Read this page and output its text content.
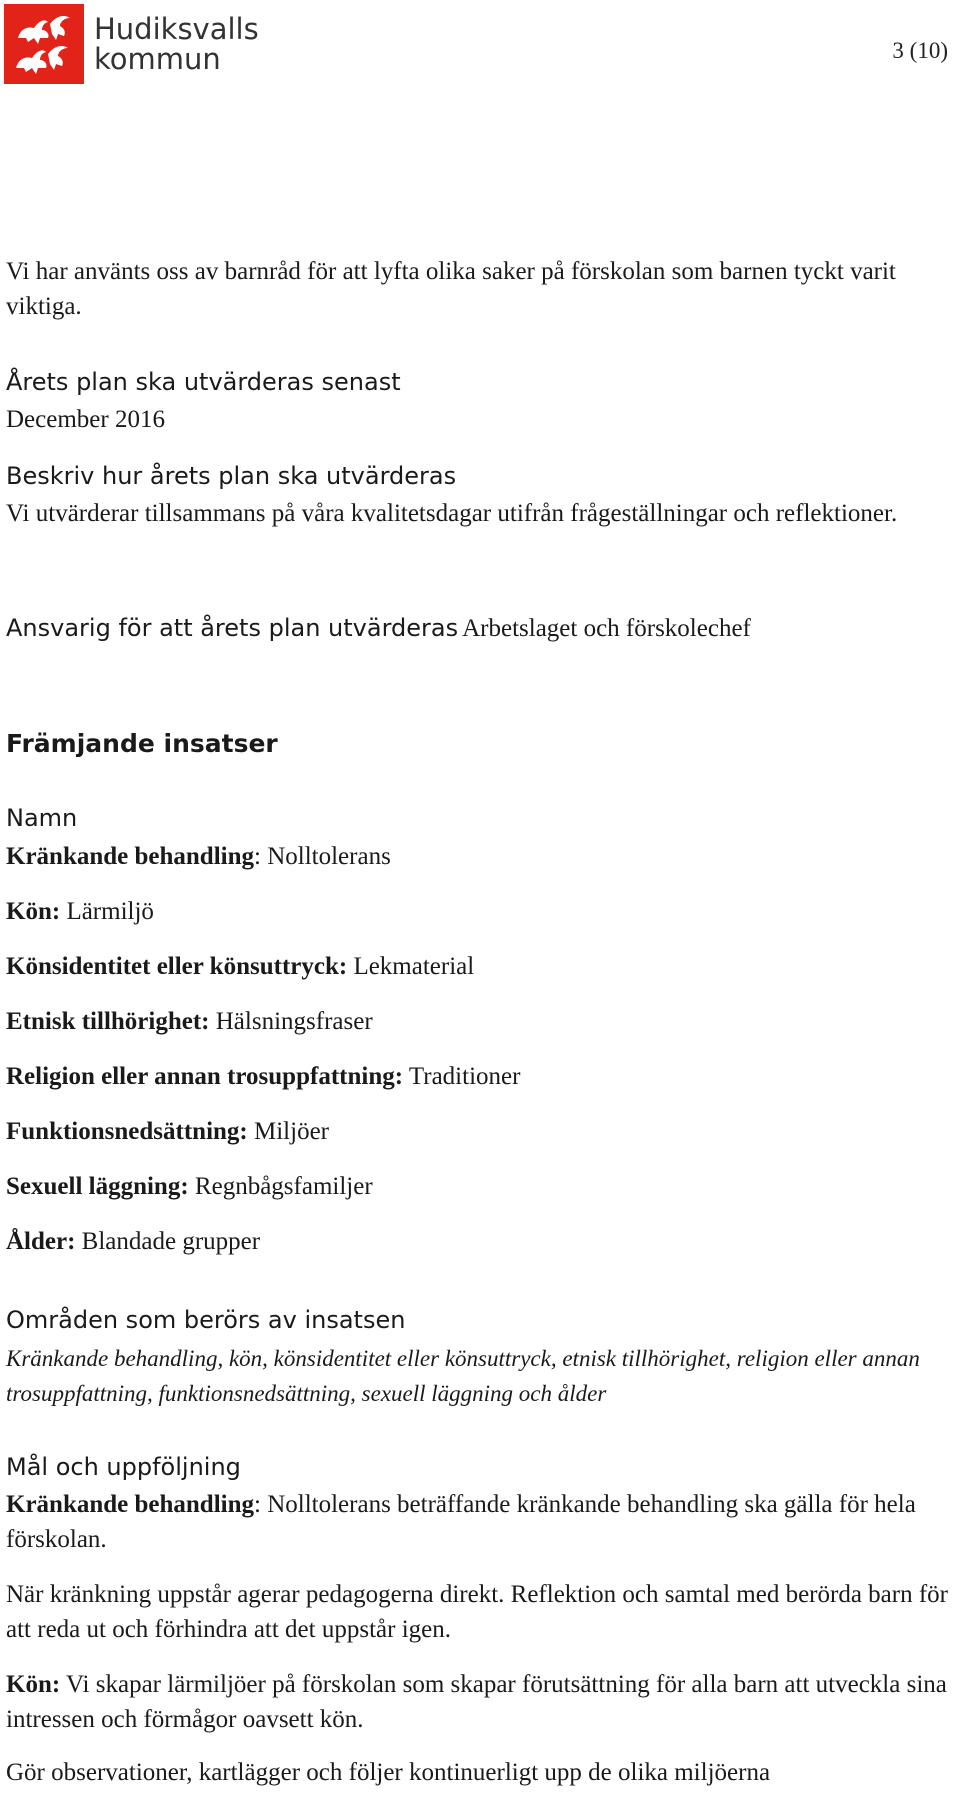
Hudiksvalls
kommun	3 (10)

Vi har använts oss av barnråd för att lyfta olika saker på förskolan som barnen tyckt varit viktiga.

Årets plan ska utvärderas senast
December 2016
Beskriv hur årets plan ska utvärderas

Vi utvärderar tillsammans på våra kvalitetsdagar utifrån frågeställningar och reflektioner.

Ansvarig för att årets plan utvärderas Arbetslaget och förskolechef

Främjande insatser
Namn
Kränkande behandling: Nolltolerans
Kön: Lärmiljö
Könsidentitet eller könsuttryck: Lekmaterial
Etnisk tillhörighet: Hälsningsfraser
Religion eller annan trosuppfattning: Traditioner
Funktionsnedsättning: Miljöer
Sexuell läggning: Regnbågsfamiljer
Ålder: Blandade grupper
Områden som berörs av insatsen

Kränkande behandling, kön, könsidentitet eller könsuttryck, etnisk tillhörighet, religion eller annan trosuppfattning, funktionsnedsättning, sexuell läggning och ålder

Mål och uppföljning

Kränkande behandling: Nolltolerans beträffande kränkande behandling ska gälla för hela förskolan.

När kränkning uppstår agerar pedagogerna direkt. Reflektion och samtal med berörda barn för att reda ut och förhindra att det uppstår igen.

Kön: Vi skapar lärmiljöer på förskolan som skapar förutsättning för alla barn att utveckla sina intressen och förmågor oavsett kön.

Gör observationer, kartlägger och följer kontinuerligt upp de olika miljöerna
